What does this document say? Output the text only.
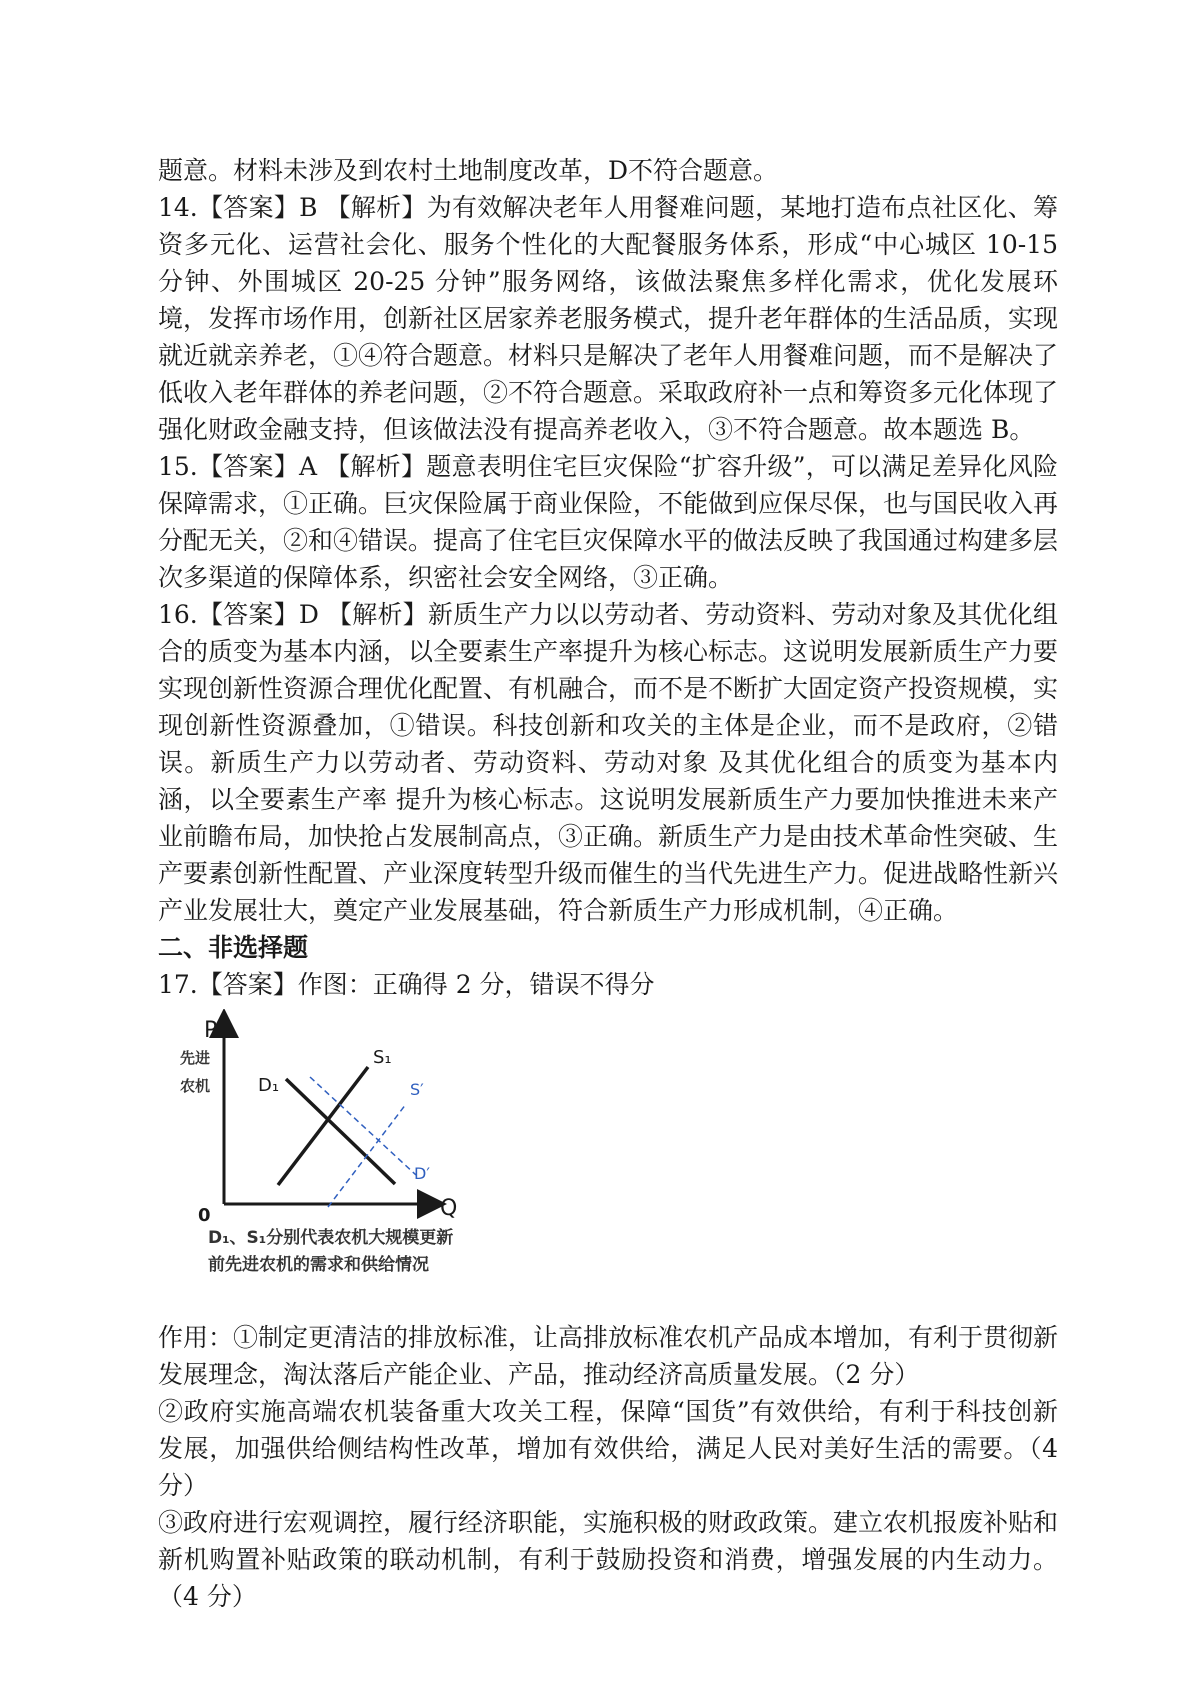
题意。材料未涉及到农村土地制度改革，D不符合题意。

14.【答案】B 【解析】为有效解决老年人用餐难问题，某地打造布点社区化、筹资多元化、运营社会化、服务个性化的大配餐服务体系，形成“中心城区 10-15 分钟、外围城区 20-25 分钟”服务网络，该做法聚焦多样化需求，优化发展环境，发挥市场作用，创新社区居家养老服务模式，提升老年群体的生活品质，实现就近就亲养老，①④符合题意。材料只是解决了老年人用餐难问题，而不是解决了低收入老年群体的养老问题，②不符合题意。采取政府补一点和筹资多元化体现了强化财政金融支持，但该做法没有提高养老收入，③不符合题意。故本题选 B。

15.【答案】A 【解析】题意表明住宅巨灾保险“扩容升级”，可以满足差异化风险保障需求，①正确。巨灾保险属于商业保险，不能做到应保尽保，也与国民收入再分配无关，②和④错误。提高了住宅巨灾保障水平的做法反映了我国通过构建多层次多渠道的保障体系，织密社会安全网络，③正确。

16.【答案】D 【解析】新质生产力以以劳动者、劳动资料、劳动对象及其优化组合的质变为基本内涵，以全要素生产率提升为核心标志。这说明发展新质生产力要实现创新性资源合理优化配置、有机融合，而不是不断扩大固定资产投资规模，实现创新性资源叠加，①错误。科技创新和攻关的主体是企业，而不是政府，②错误。新质生产力以劳动者、劳动资料、劳动对象 及其优化组合的质变为基本内涵，以全要素生产率 提升为核心标志。这说明发展新质生产力要加快推进未来产业前瞻布局，加快抢占发展制高点，③正确。新质生产力是由技术革命性突破、生产要素创新性配置、产业深度转型升级而催生的当代先进生产力。促进战略性新兴产业发展壮大，奠定产业发展基础，符合新质生产力形成机制，④正确。

二、非选择题

17.【答案】作图：正确得 2 分，错误不得分

P
先进
农机
0	Q
D₁
S₁
S′
D′

D₁、S₁分别代表农机大规模更新
前先进农机的需求和供给情况

作用：①制定更清洁的排放标准，让高排放标准农机产品成本增加，有利于贯彻新发展理念，淘汰落后产能企业、产品，推动经济高质量发展。（2 分）

②政府实施高端农机装备重大攻关工程，保障“国货”有效供给，有利于科技创新发展，加强供给侧结构性改革，增加有效供给，满足人民对美好生活的需要。（4 分）

③政府进行宏观调控，履行经济职能，实施积极的财政政策。建立农机报废补贴和新机购置补贴政策的联动机制，有利于鼓励投资和消费，增强发展的内生动力。（4 分）
